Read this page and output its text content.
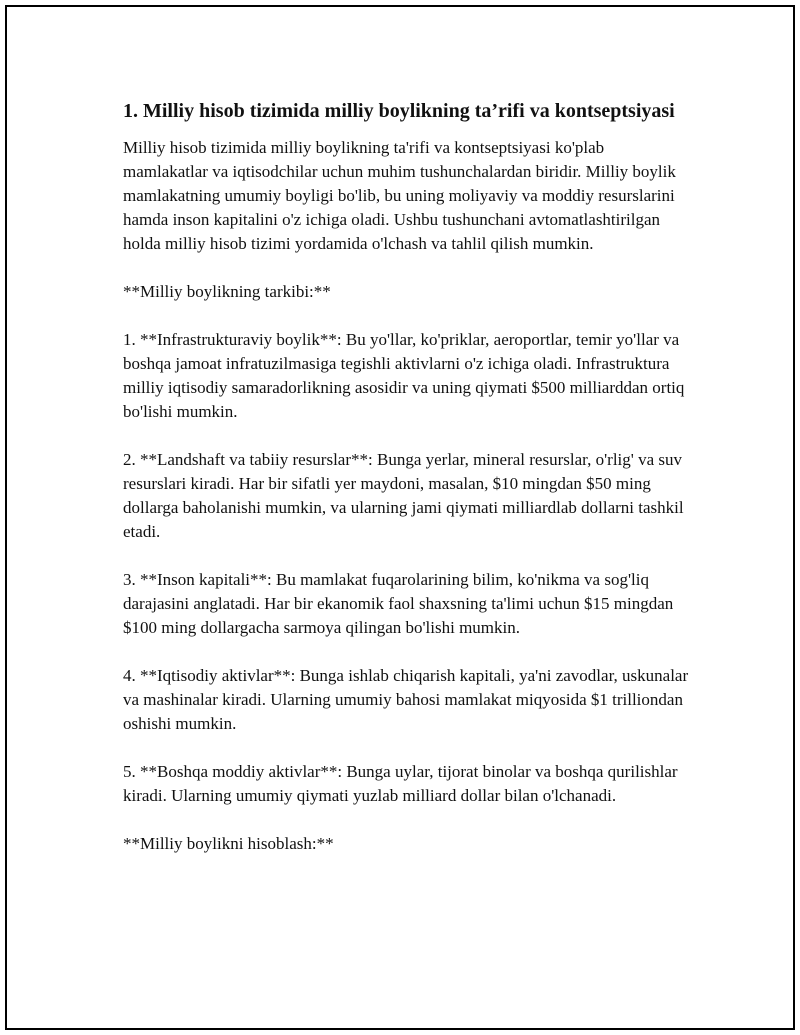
1. Milliy hisob tizimida milliy boylikning ta’rifi va kontseptsiyasi

Milliy hisob tizimida milliy boylikning ta'rifi va kontseptsiyasi ko'plab mamlakatlar va iqtisodchilar uchun muhim tushunchalardan biridir. Milliy boylik mamlakatning umumiy boyligi bo'lib, bu uning moliyaviy va moddiy resurslarini hamda inson kapitalini o'z ichiga oladi. Ushbu tushunchani avtomatlashtirilgan holda milliy hisob tizimi yordamida o'lchash va tahlil qilish mumkin.

**Milliy boylikning tarkibi:**

1. **Infrastrukturaviy boylik**: Bu yo'llar, ko'priklar, aeroportlar, temir yo'llar va boshqa jamoat infratuzilmasiga tegishli aktivlarni o'z ichiga oladi. Infrastruktura milliy iqtisodiy samaradorlikning asosidir va uning qiymati $500 milliarddan ortiq bo'lishi mumkin.

2. **Landshaft va tabiiy resurslar**: Bunga yerlar, mineral resurslar, o'rlig' va suv resurslari kiradi. Har bir sifatli yer maydoni, masalan, $10 mingdan $50 ming dollarga baholanishi mumkin, va ularning jami qiymati milliardlab dollarni tashkil etadi.

3. **Inson kapitali**: Bu mamlakat fuqarolarining bilim, ko'nikma va sog'liq darajasini anglatadi. Har bir ekanomik faol shaxsning ta'limi uchun $15 mingdan $100 ming dollargacha sarmoya qilingan bo'lishi mumkin.

4. **Iqtisodiy aktivlar**: Bunga ishlab chiqarish kapitali, ya'ni zavodlar, uskunalar va mashinalar kiradi. Ularning umumiy bahosi mamlakat miqyosida $1 trilliondan oshishi mumkin.

5. **Boshqa moddiy aktivlar**: Bunga uylar, tijorat binolar va boshqa qurilishlar kiradi. Ularning umumiy qiymati yuzlab milliard dollar bilan o'lchanadi.

**Milliy boylikni hisoblash:**
